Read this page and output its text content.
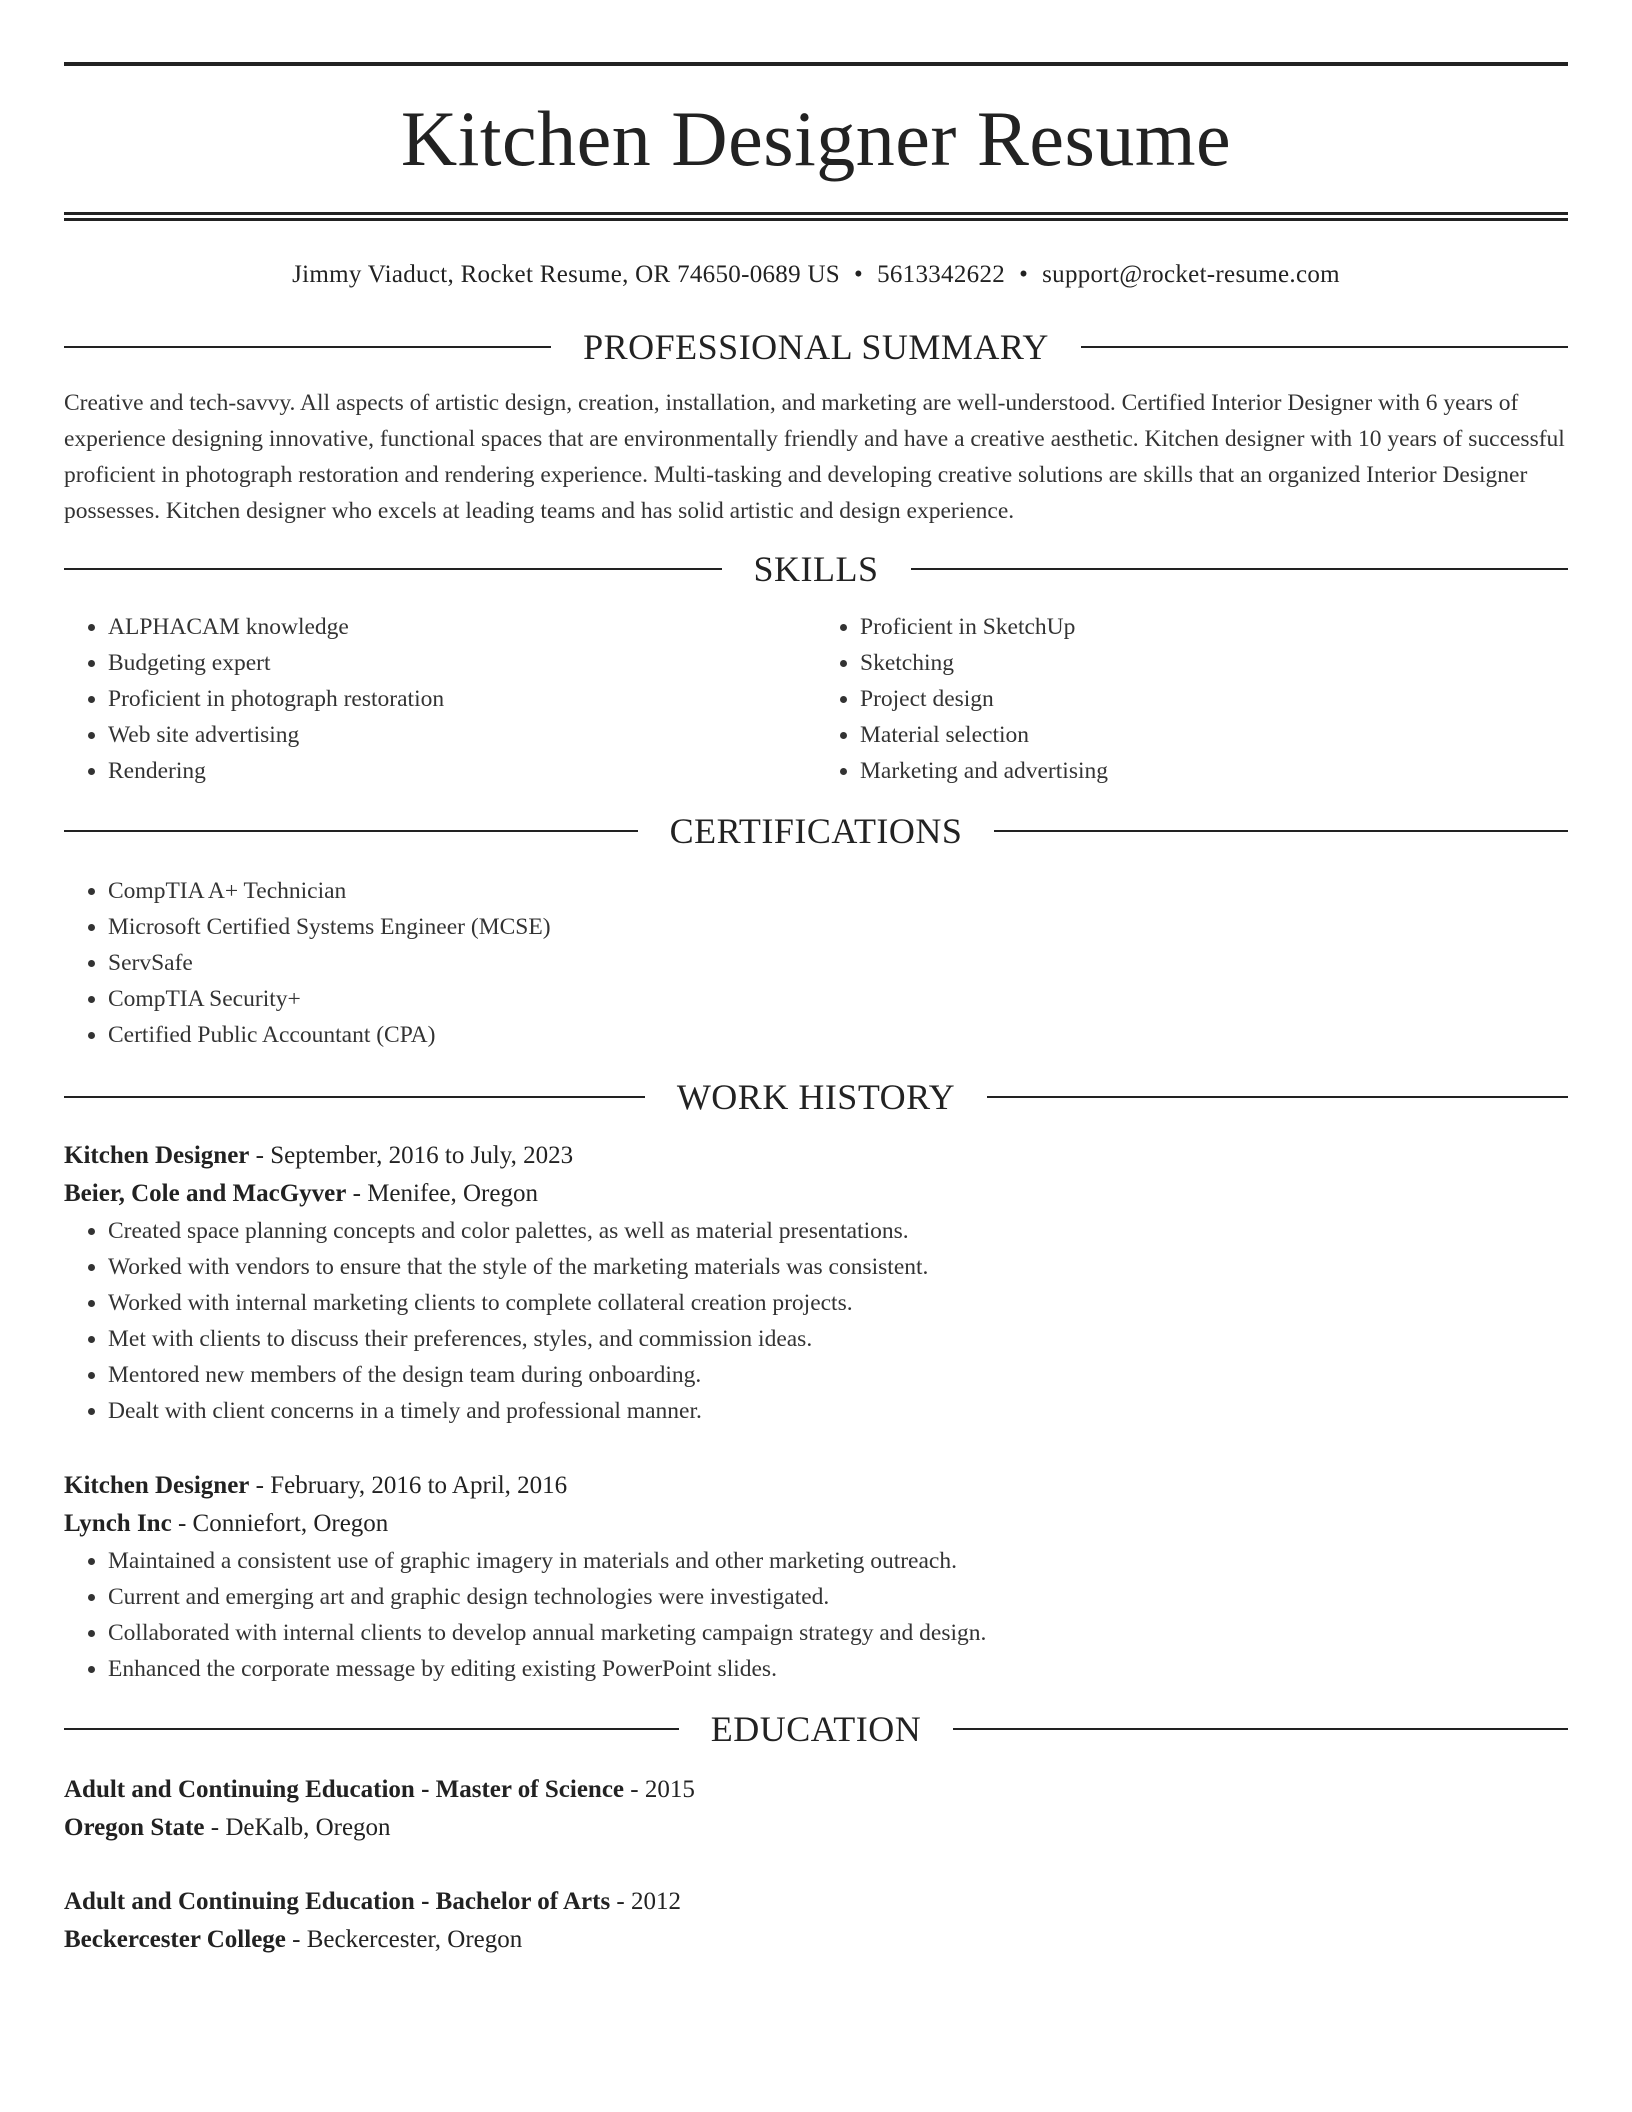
Kitchen Designer Resume
Jimmy Viaduct, Rocket Resume, OR 74650-0689 US • 5613342622 • support@rocket-resume.com
PROFESSIONAL SUMMARY
Creative and tech-savvy. All aspects of artistic design, creation, installation, and marketing are well-understood. Certified Interior Designer with 6 years of experience designing innovative, functional spaces that are environmentally friendly and have a creative aesthetic. Kitchen designer with 10 years of successful proficient in photograph restoration and rendering experience. Multi-tasking and developing creative solutions are skills that an organized Interior Designer possesses. Kitchen designer who excels at leading teams and has solid artistic and design experience.
SKILLS
• ALPHACAM knowledge
• Budgeting expert
• Proficient in photograph restoration
• Web site advertising
• Rendering
• Proficient in SketchUp
• Sketching
• Project design
• Material selection
• Marketing and advertising
CERTIFICATIONS
• CompTIA A+ Technician
• Microsoft Certified Systems Engineer (MCSE)
• ServSafe
• CompTIA Security+
• Certified Public Accountant (CPA)
WORK HISTORY
Kitchen Designer - September, 2016 to July, 2023
Beier, Cole and MacGyver - Menifee, Oregon
• Created space planning concepts and color palettes, as well as material presentations.
• Worked with vendors to ensure that the style of the marketing materials was consistent.
• Worked with internal marketing clients to complete collateral creation projects.
• Met with clients to discuss their preferences, styles, and commission ideas.
• Mentored new members of the design team during onboarding.
• Dealt with client concerns in a timely and professional manner.
Kitchen Designer - February, 2016 to April, 2016
Lynch Inc - Conniefort, Oregon
• Maintained a consistent use of graphic imagery in materials and other marketing outreach.
• Current and emerging art and graphic design technologies were investigated.
• Collaborated with internal clients to develop annual marketing campaign strategy and design.
• Enhanced the corporate message by editing existing PowerPoint slides.
EDUCATION
Adult and Continuing Education - Master of Science - 2015
Oregon State - DeKalb, Oregon
Adult and Continuing Education - Bachelor of Arts - 2012
Beckercester College - Beckercester, Oregon
